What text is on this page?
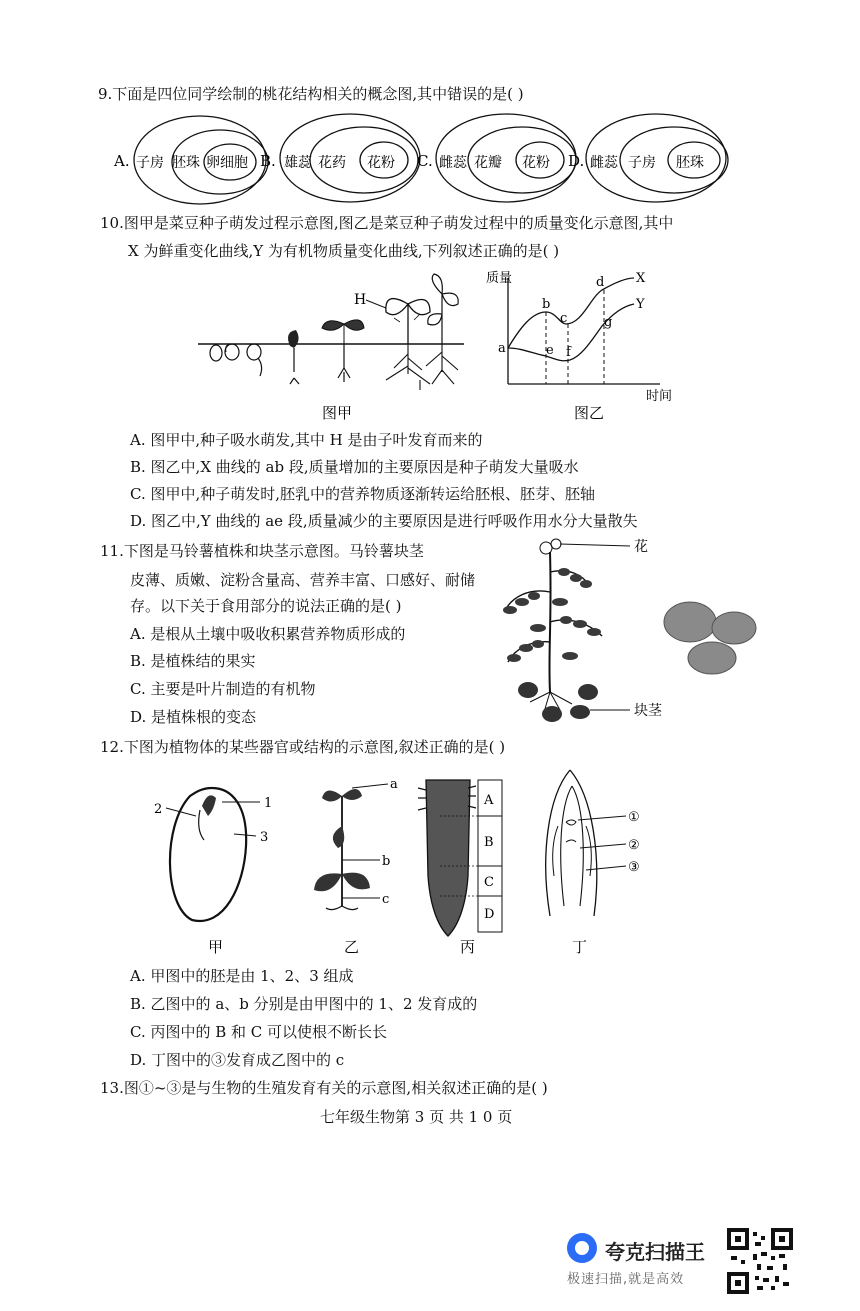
9.下面是四位同学绘制的桃花结构相关的概念图,其中错误的是( )
A. 子房 胚珠 卵细胞 B. 雄蕊 花药 花粉 C. 雌蕊 花瓣 花粉 D. 雌蕊 子房 胚珠
10.图甲是菜豆种子萌发过程示意图,图乙是菜豆种子萌发过程中的质量变化示意图,其中
X 为鲜重变化曲线,Y 为有机物质量变化曲线,下列叙述正确的是( )
H
图甲
质量
时间
a
b
c
d
e f
g
X
Y
图乙
A. 图甲中,种子吸水萌发,其中 H 是由子叶发育而来的
B. 图乙中,X 曲线的 ab 段,质量增加的主要原因是种子萌发大量吸水
C. 图甲中,种子萌发时,胚乳中的营养物质逐渐转运给胚根、胚芽、胚轴
D. 图乙中,Y 曲线的 ae 段,质量减少的主要原因是进行呼吸作用水分大量散失
11.下图是马铃薯植株和块茎示意图。马铃薯块茎
皮薄、质嫩、淀粉含量高、营养丰富、口感好、耐储
存。以下关于食用部分的说法正确的是( )
A. 是根从土壤中吸收积累营养物质形成的
B. 是植株结的果实
C. 主要是叶片制造的有机物
D. 是植株根的变态
花
块茎
12.下图为植物体的某些器官或结构的示意图,叙述正确的是( )
1
2
3
甲
a
b
c
乙
A
B
C
D
丙
①
②
③
丁
A. 甲图中的胚是由 1、2、3 组成
B. 乙图中的 a、b 分别是由甲图中的 1、2 发育成的
C. 丙图中的 B 和 C 可以使根不断长长
D. 丁图中的③发育成乙图中的 c
13.图①~③是与生物的生殖发育有关的示意图,相关叙述正确的是( )
七年级生物第 3 页 共 1 0 页
夸克扫描王
极速扫描,就是高效
